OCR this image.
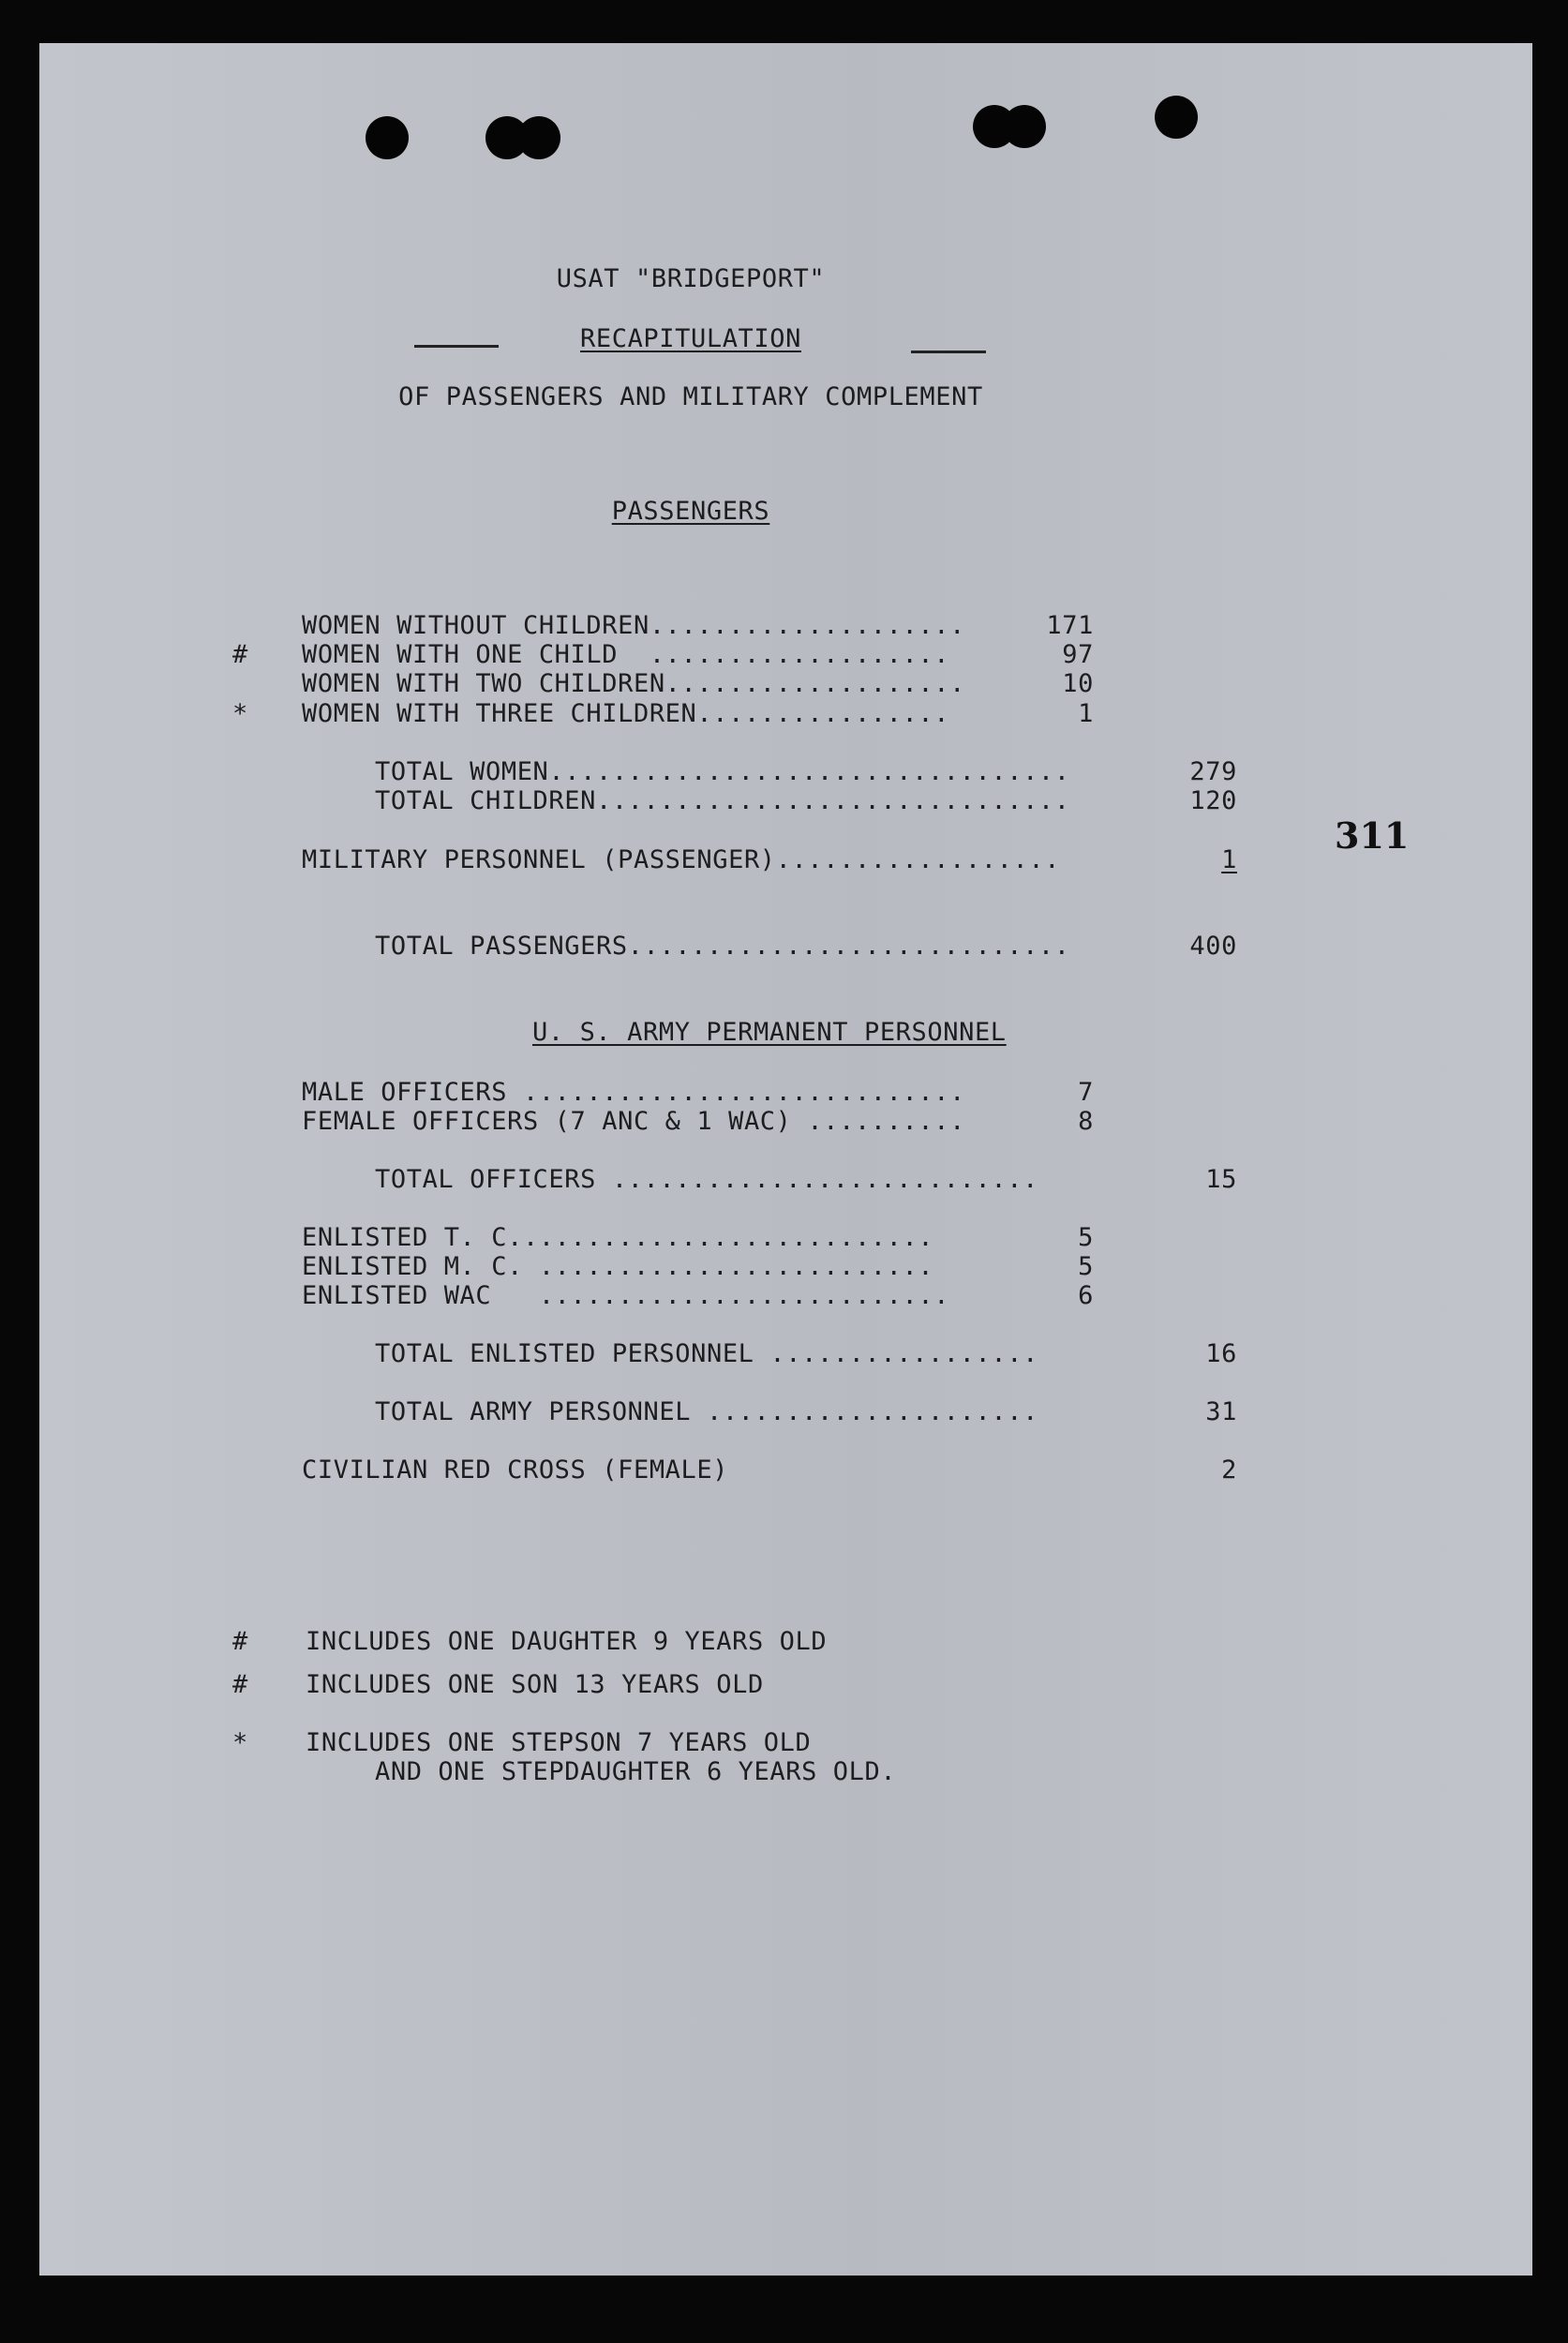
USAT "BRIDGEPORT"
RECAPITULATION
OF PASSENGERS AND MILITARY COMPLEMENT
PASSENGERS
WOMEN WITHOUT CHILDREN....................	171
# WOMEN WITH ONE CHILD  ...................	97
WOMEN WITH TWO CHILDREN...................	10
* WOMEN WITH THREE CHILDREN................	1
TOTAL WOMEN.................................	279
TOTAL CHILDREN..............................	120
311
MILITARY PERSONNEL (PASSENGER)..................	1
TOTAL PASSENGERS............................	400
U. S. ARMY PERMANENT PERSONNEL
MALE OFFICERS ............................	7
FEMALE OFFICERS (7 ANC & 1 WAC) ..........	8
TOTAL OFFICERS ...........................	15
ENLISTED T. C...........................	5
ENLISTED M. C. .........................	5
ENLISTED WAC   ..........................	6
TOTAL ENLISTED PERSONNEL .................	16
TOTAL ARMY PERSONNEL .....................	31
CIVILIAN RED CROSS (FEMALE)	2
# INCLUDES ONE DAUGHTER 9 YEARS OLD
# INCLUDES ONE SON 13 YEARS OLD
* INCLUDES ONE STEPSON 7 YEARS OLD
AND ONE STEPDAUGHTER 6 YEARS OLD.
